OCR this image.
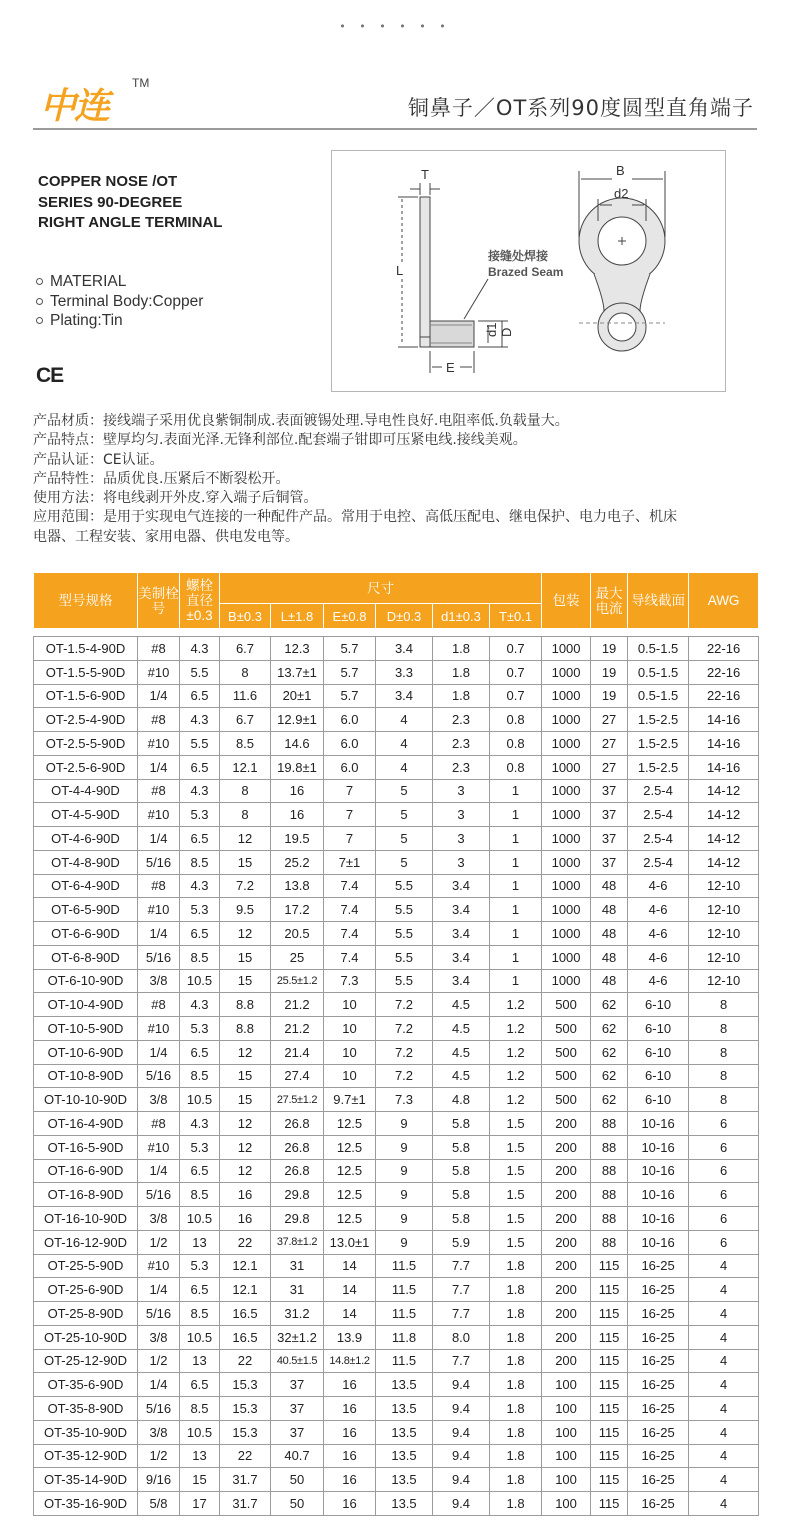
• • • • • •
中连
TM
铜鼻子／OT系列90度圆型直角端子
COPPER NOSE /OT
SERIES 90-DEGREE
RIGHT ANGLE TERMINAL
MATERIAL
Terminal Body:Copper
Plating:Tin
CE
T
L
d1 D
E
B
d2
接缝处焊接
Brazed Seam
产品材质：接线端子采用优良紫铜制成.表面镀锡处理.导电性良好.电阻率低.负载量大。
产品特点：壁厚均匀.表面光泽.无锋利部位.配套端子钳即可压紧电线.接线美观。
产品认证：CE认证。
产品特性：品质优良.压紧后不断裂松开。
使用方法：将电线剥开外皮.穿入端子后铜管。
应用范围：是用于实现电气连接的一种配件产品。常用于电控、高低压配电、继电保护、电力电子、机床
电器、工程安装、家用电器、供电发电等。
型号规格	美制栓号	螺栓直径±0.3	尺寸						包装	最大电流	导线截面	AWG
			B±0.3	L±1.8	E±0.8	D±0.3	d1±0.3	T±0.1				

OT-1.5-4-90D	#8	4.3	6.7	12.3	5.7	3.4	1.8	0.7	1000	19	0.5-1.5	22-16
OT-1.5-5-90D	#10	5.5	8	13.7±1	5.7	3.3	1.8	0.7	1000	19	0.5-1.5	22-16
OT-1.5-6-90D	1/4	6.5	11.6	20±1	5.7	3.4	1.8	0.7	1000	19	0.5-1.5	22-16
OT-2.5-4-90D	#8	4.3	6.7	12.9±1	6.0	4	2.3	0.8	1000	27	1.5-2.5	14-16
OT-2.5-5-90D	#10	5.5	8.5	14.6	6.0	4	2.3	0.8	1000	27	1.5-2.5	14-16
OT-2.5-6-90D	1/4	6.5	12.1	19.8±1	6.0	4	2.3	0.8	1000	27	1.5-2.5	14-16
OT-4-4-90D	#8	4.3	8	16	7	5	3	1	1000	37	2.5-4	14-12
OT-4-5-90D	#10	5.3	8	16	7	5	3	1	1000	37	2.5-4	14-12
OT-4-6-90D	1/4	6.5	12	19.5	7	5	3	1	1000	37	2.5-4	14-12
OT-4-8-90D	5/16	8.5	15	25.2	7±1	5	3	1	1000	37	2.5-4	14-12
OT-6-4-90D	#8	4.3	7.2	13.8	7.4	5.5	3.4	1	1000	48	4-6	12-10
OT-6-5-90D	#10	5.3	9.5	17.2	7.4	5.5	3.4	1	1000	48	4-6	12-10
OT-6-6-90D	1/4	6.5	12	20.5	7.4	5.5	3.4	1	1000	48	4-6	12-10
OT-6-8-90D	5/16	8.5	15	25	7.4	5.5	3.4	1	1000	48	4-6	12-10
OT-6-10-90D	3/8	10.5	15	25.5±1.2	7.3	5.5	3.4	1	1000	48	4-6	12-10
OT-10-4-90D	#8	4.3	8.8	21.2	10	7.2	4.5	1.2	500	62	6-10	8
OT-10-5-90D	#10	5.3	8.8	21.2	10	7.2	4.5	1.2	500	62	6-10	8
OT-10-6-90D	1/4	6.5	12	21.4	10	7.2	4.5	1.2	500	62	6-10	8
OT-10-8-90D	5/16	8.5	15	27.4	10	7.2	4.5	1.2	500	62	6-10	8
OT-10-10-90D	3/8	10.5	15	27.5±1.2	9.7±1	7.3	4.8	1.2	500	62	6-10	8
OT-16-4-90D	#8	4.3	12	26.8	12.5	9	5.8	1.5	200	88	10-16	6
OT-16-5-90D	#10	5.3	12	26.8	12.5	9	5.8	1.5	200	88	10-16	6
OT-16-6-90D	1/4	6.5	12	26.8	12.5	9	5.8	1.5	200	88	10-16	6
OT-16-8-90D	5/16	8.5	16	29.8	12.5	9	5.8	1.5	200	88	10-16	6
OT-16-10-90D	3/8	10.5	16	29.8	12.5	9	5.8	1.5	200	88	10-16	6
OT-16-12-90D	1/2	13	22	37.8±1.2	13.0±1	9	5.9	1.5	200	88	10-16	6
OT-25-5-90D	#10	5.3	12.1	31	14	11.5	7.7	1.8	200	115	16-25	4
OT-25-6-90D	1/4	6.5	12.1	31	14	11.5	7.7	1.8	200	115	16-25	4
OT-25-8-90D	5/16	8.5	16.5	31.2	14	11.5	7.7	1.8	200	115	16-25	4
OT-25-10-90D	3/8	10.5	16.5	32±1.2	13.9	11.8	8.0	1.8	200	115	16-25	4
OT-25-12-90D	1/2	13	22	40.5±1.5	14.8±1.2	11.5	7.7	1.8	200	115	16-25	4
OT-35-6-90D	1/4	6.5	15.3	37	16	13.5	9.4	1.8	100	115	16-25	4
OT-35-8-90D	5/16	8.5	15.3	37	16	13.5	9.4	1.8	100	115	16-25	4
OT-35-10-90D	3/8	10.5	15.3	37	16	13.5	9.4	1.8	100	115	16-25	4
OT-35-12-90D	1/2	13	22	40.7	16	13.5	9.4	1.8	100	115	16-25	4
OT-35-14-90D	9/16	15	31.7	50	16	13.5	9.4	1.8	100	115	16-25	4
OT-35-16-90D	5/8	17	31.7	50	16	13.5	9.4	1.8	100	115	16-25	4
